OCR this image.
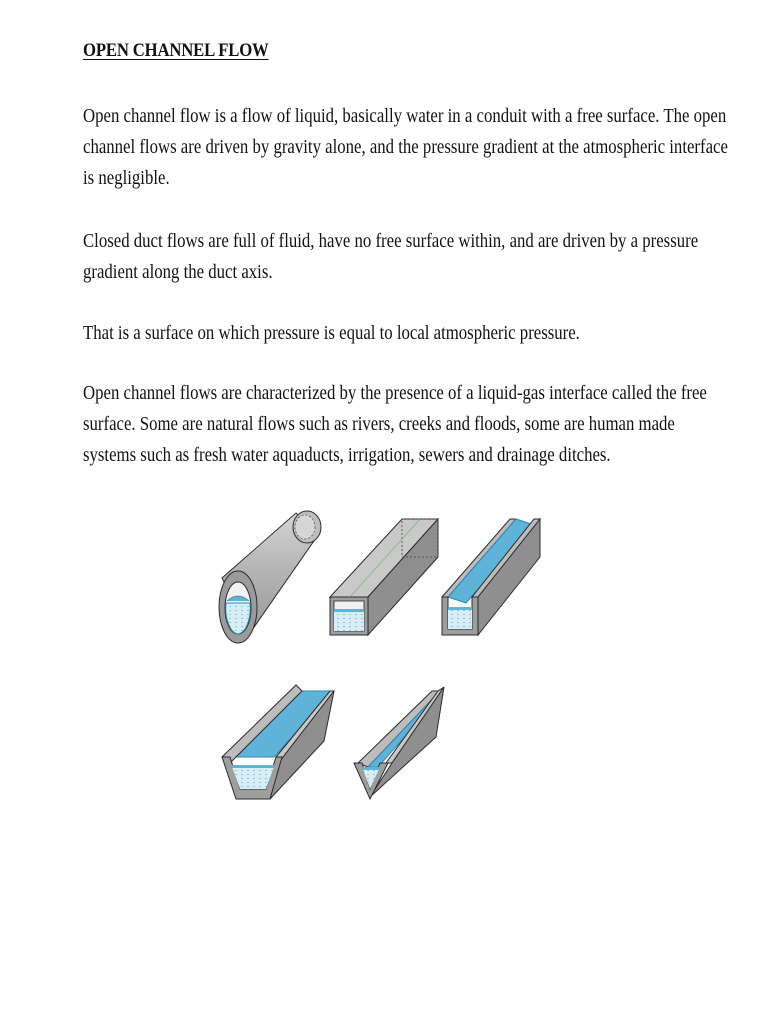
OPEN CHANNEL FLOW

Open channel flow is a flow of liquid, basically water in a conduit with a free surface. The open
channel flows are driven by gravity alone, and the pressure gradient at the atmospheric interface
is negligible.

Closed duct flows are full of fluid, have no free surface within, and are driven by a pressure
gradient along the duct axis.

That is a surface on which pressure is equal to local atmospheric pressure.

Open channel flows are characterized by the presence of a liquid-gas interface called the free
surface. Some are natural flows such as rivers, creeks and floods, some are human made
systems such as fresh water aquaducts, irrigation, sewers and drainage ditches.
